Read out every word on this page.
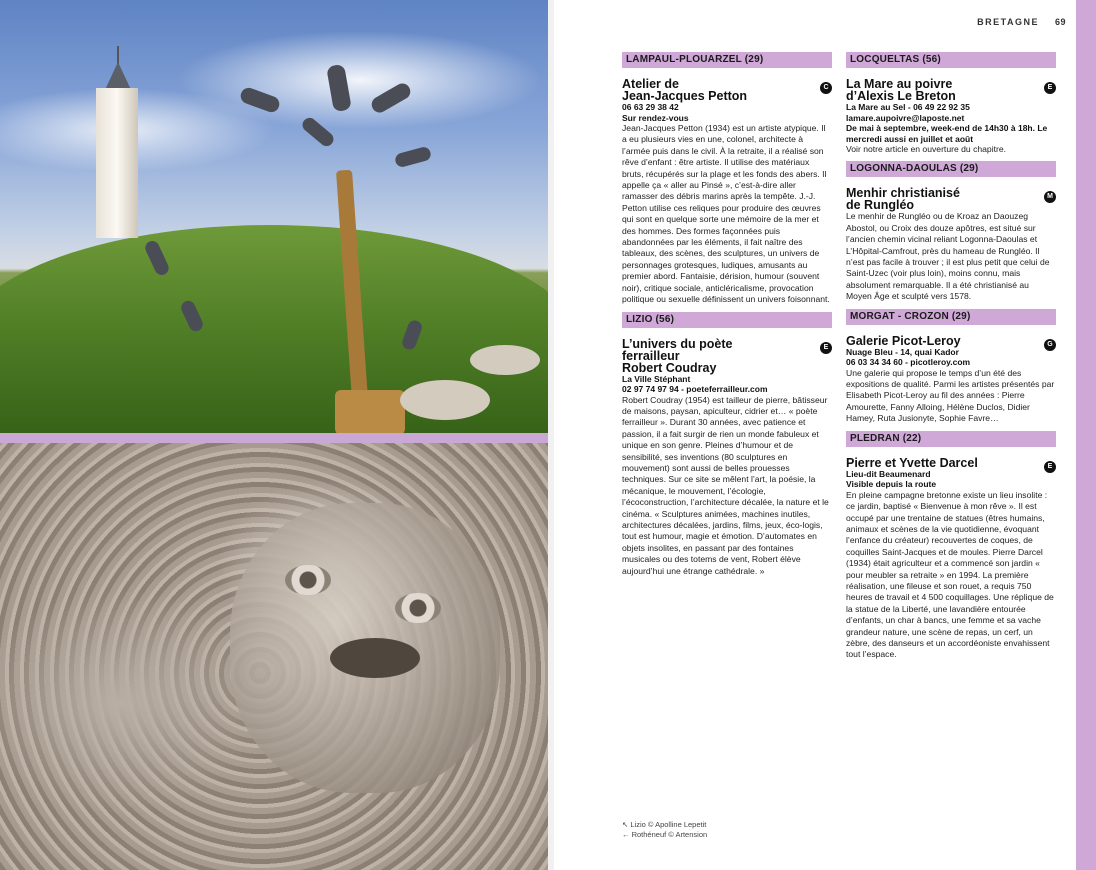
BRETAGNE 69
LAMPAUL-PLOUARZEL (29)
Atelier de
Jean-Jacques Petton
C
06 63 29 38 42
Sur rendez-vous
Jean-Jacques Petton (1934) est un artiste atypique. Il a eu plusieurs vies en une, colonel, architecte à l’armée puis dans le civil. À la retraite, il a réalisé son rêve d’enfant : être artiste. Il utilise des matériaux bruts, récupérés sur la plage et les fonds des abers. Il appelle ça « aller au Pinsé », c’est-à-dire aller ramasser des débris marins après la tempête. J.-J. Petton utilise ces reliques pour produire des œuvres qui sont en quelque sorte une mémoire de la mer et des hommes. Des formes façonnées puis abandonnées par les éléments, il fait naître des tableaux, des scènes, des sculptures, un univers de personnages grotesques, ludiques, amusants au premier abord. Fantaisie, dérision, humour (souvent noir), critique sociale, anticléricalisme, provocation politique ou sexuelle définissent un univers foisonnant.
LIZIO (56)
L’univers du poète
ferrailleur
Robert Coudray
E
La Ville Stéphant
02 97 74 97 94 - poeteferrailleur.com
Robert Coudray (1954) est tailleur de pierre, bâtisseur de maisons, paysan, apiculteur, cidrier et… « poète ferrailleur ». Durant 30 années, avec patience et passion, il a fait surgir de rien un monde fabuleux et unique en son genre. Pleines d’humour et de sensibilité, ses inventions (80 sculptures en mouvement) sont aussi de belles prouesses techniques. Sur ce site se mêlent l’art, la poésie, la mécanique, le mouvement, l’écologie, l’écoconstruction, l’architecture décalée, la nature et le cinéma. « Sculptures animées, machines inutiles, architectures décalées, jardins, films, jeux, éco-logis, tout est humour, magie et émotion. D’automates en objets insolites, en passant par des fontaines musicales ou des totems de vent, Robert élève aujourd’hui une étrange cathédrale. »
LOCQUELTAS (56)
La Mare au poivre
d’Alexis Le Breton
E
La Mare au Sel - 06 49 22 92 35
lamare.aupoivre@laposte.net
De mai à septembre, week-end de 14h30 à 18h. Le mercredi aussi en juillet et août
Voir notre article en ouverture du chapitre.
LOGONNA-DAOULAS (29)
Menhir christianisé
de Rungléo
M
Le menhir de Rungléo ou de Kroaz an Daouzeg Abostol, ou Croix des douze apôtres, est situé sur l’ancien chemin vicinal reliant Logonna-Daoulas et L’Hôpital-Camfrout, près du hameau de Rungléo. Il n’est pas facile à trouver ; il est plus petit que celui de Saint-Uzec (voir plus loin), moins connu, mais absolument remarquable. Il a été christianisé au Moyen Âge et sculpté vers 1578.
MORGAT - CROZON (29)
Galerie Picot-Leroy	G
Nuage Bleu - 14, quai Kador
06 03 34 34 60 - picotleroy.com
Une galerie qui propose le temps d’un été des expositions de qualité. Parmi les artistes présentés par Elisabeth Picot-Leroy au fil des années : Pierre Amourette, Fanny Alloing, Hélène Duclos, Didier Hamey, Ruta Jusionyte, Sophie Favre…
PLEDRAN (22)
Pierre et Yvette Darcel	E
Lieu-dit Beaumenard
Visible depuis la route
En pleine campagne bretonne existe un lieu insolite : ce jardin, baptisé « Bienvenue à mon rêve ». Il est occupé par une trentaine de statues (êtres humains, animaux et scènes de la vie quotidienne, évoquant l’enfance du créateur) recouvertes de coques, de coquilles Saint-Jacques et de moules. Pierre Darcel (1934) était agriculteur et a commencé son jardin « pour meubler sa retraite » en 1994. La première réalisation, une fileuse et son rouet, a requis 750 heures de travail et 4 500 coquillages. Une réplique de la statue de la Liberté, une lavandière entourée d’enfants, un char à bancs, une femme et sa vache grandeur nature, une scène de repas, un cerf, un zèbre, des danseurs et un accordéoniste envahissent tout l’espace.
↖ Lizio © Apolline Lepetit
← Rothéneuf © Artension
